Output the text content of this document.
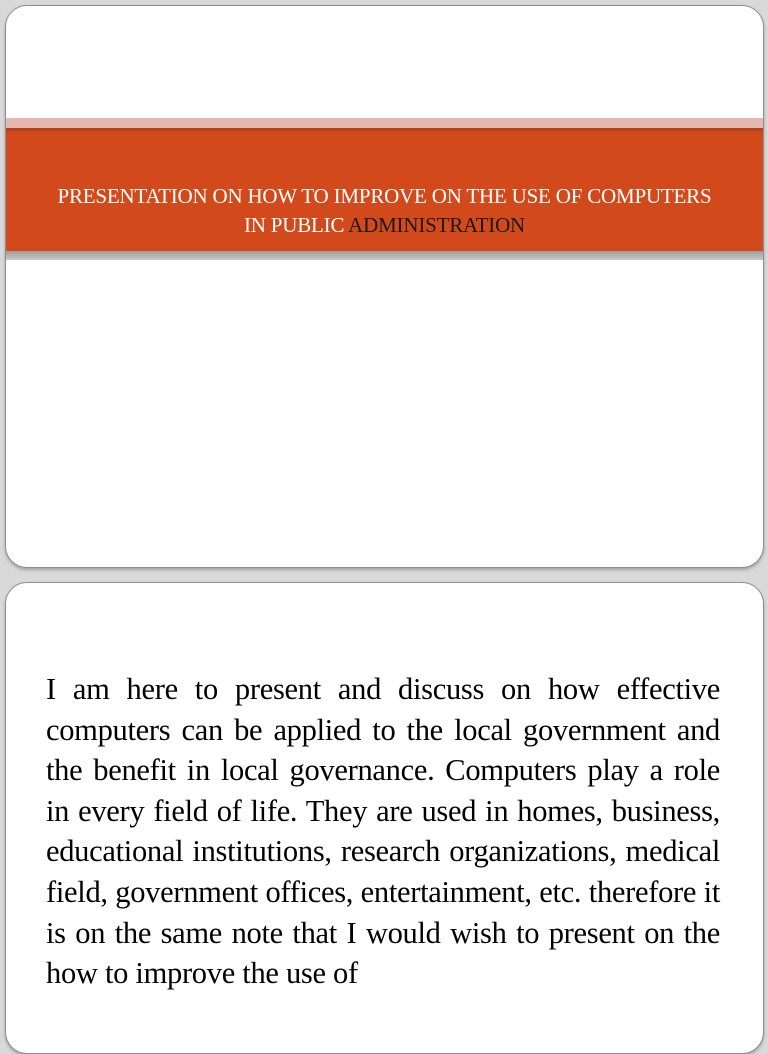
PRESENTATION ON HOW TO IMPROVE ON THE USE OF COMPUTERS IN PUBLIC ADMINISTRATION

I am here to present and discuss on how effective computers can be applied to the local government and the benefit in local governance. Computers play a role in every field of life. They are used in homes, business, educational institutions, research organizations, medical field, government offices, entertainment, etc. therefore it is on the same note that I would wish to present on the how to improve the use of
